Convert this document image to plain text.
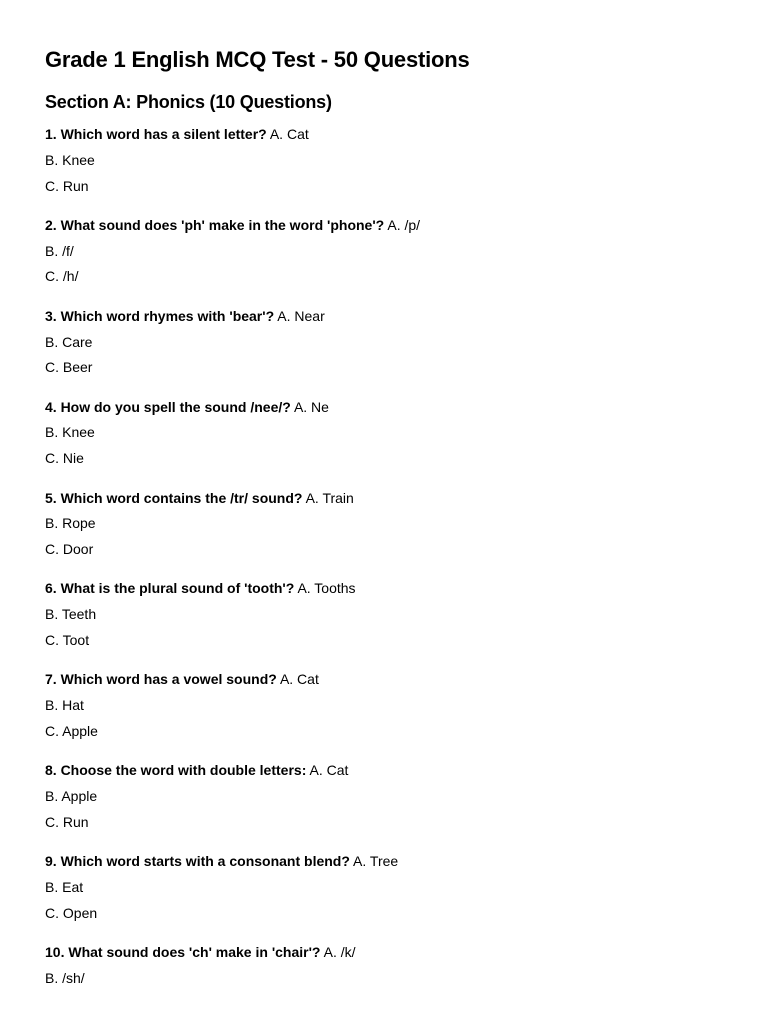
Grade 1 English MCQ Test - 50 Questions
Section A: Phonics (10 Questions)
1. Which word has a silent letter? A. Cat
B. Knee
C. Run
2. What sound does 'ph' make in the word 'phone'? A. /p/
B. /f/
C. /h/
3. Which word rhymes with 'bear'? A. Near
B. Care
C. Beer
4. How do you spell the sound /nee/? A. Ne
B. Knee
C. Nie
5. Which word contains the /tr/ sound? A. Train
B. Rope
C. Door
6. What is the plural sound of 'tooth'? A. Tooths
B. Teeth
C. Toot
7. Which word has a vowel sound? A. Cat
B. Hat
C. Apple
8. Choose the word with double letters: A. Cat
B. Apple
C. Run
9. Which word starts with a consonant blend? A. Tree
B. Eat
C. Open
10. What sound does 'ch' make in 'chair'? A. /k/
B. /sh/
